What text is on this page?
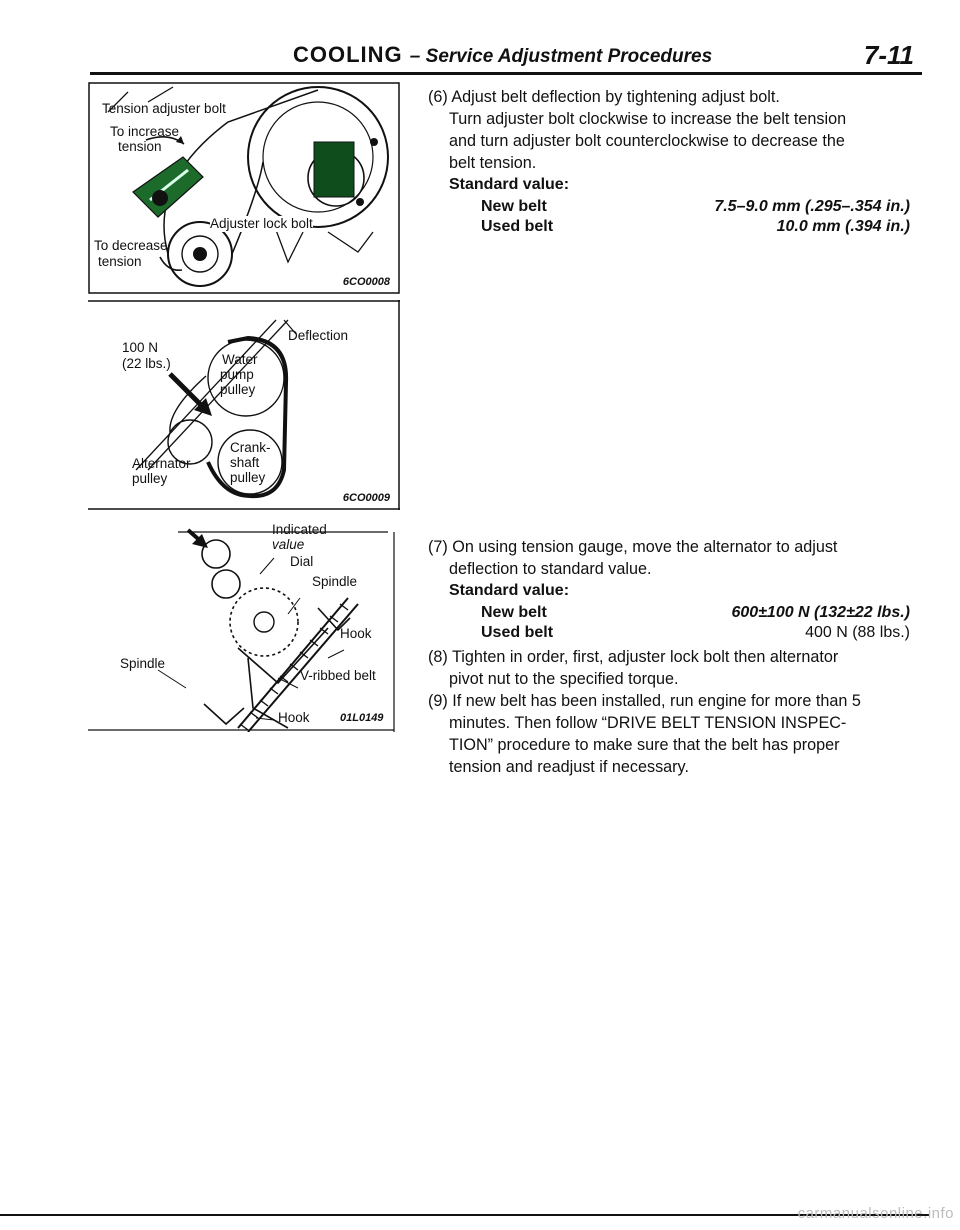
COOLING – Service Adjustment Procedures	7-11
Tension adjuster bolt
To increase
tension
Adjuster lock bolt
To decrease
tension
6CO0008
100 N
(22 lbs.)
Deflection
Water
pump
pulley
Crank-
shaft
pulley
Alternator
pulley
6CO0009
Indicated
value
Dial
Spindle
Hook
Spindle
V-ribbed belt
Hook	01L0149

(6) Adjust belt deflection by tightening adjust bolt.

Turn adjuster bolt clockwise to increase the belt tension

and turn adjuster bolt counterclockwise to decrease the

belt tension.

Standard value:

New belt	7.5–9.0 mm (.295–.354 in.)
Used belt	10.0 mm (.394 in.)

(7) On using tension gauge, move the alternator to adjust

deflection to standard value.

Standard value:

New belt	600±100 N (132±22 lbs.)
Used belt	400 N (88 lbs.)

(8) Tighten in order, first, adjuster lock bolt then alternator

pivot nut to the specified torque.

(9) If new belt has been installed, run engine for more than 5

minutes. Then follow “DRIVE BELT TENSION INSPEC-

TION” procedure to make sure that the belt has proper

tension and readjust if necessary.

carmanualsonline.info
